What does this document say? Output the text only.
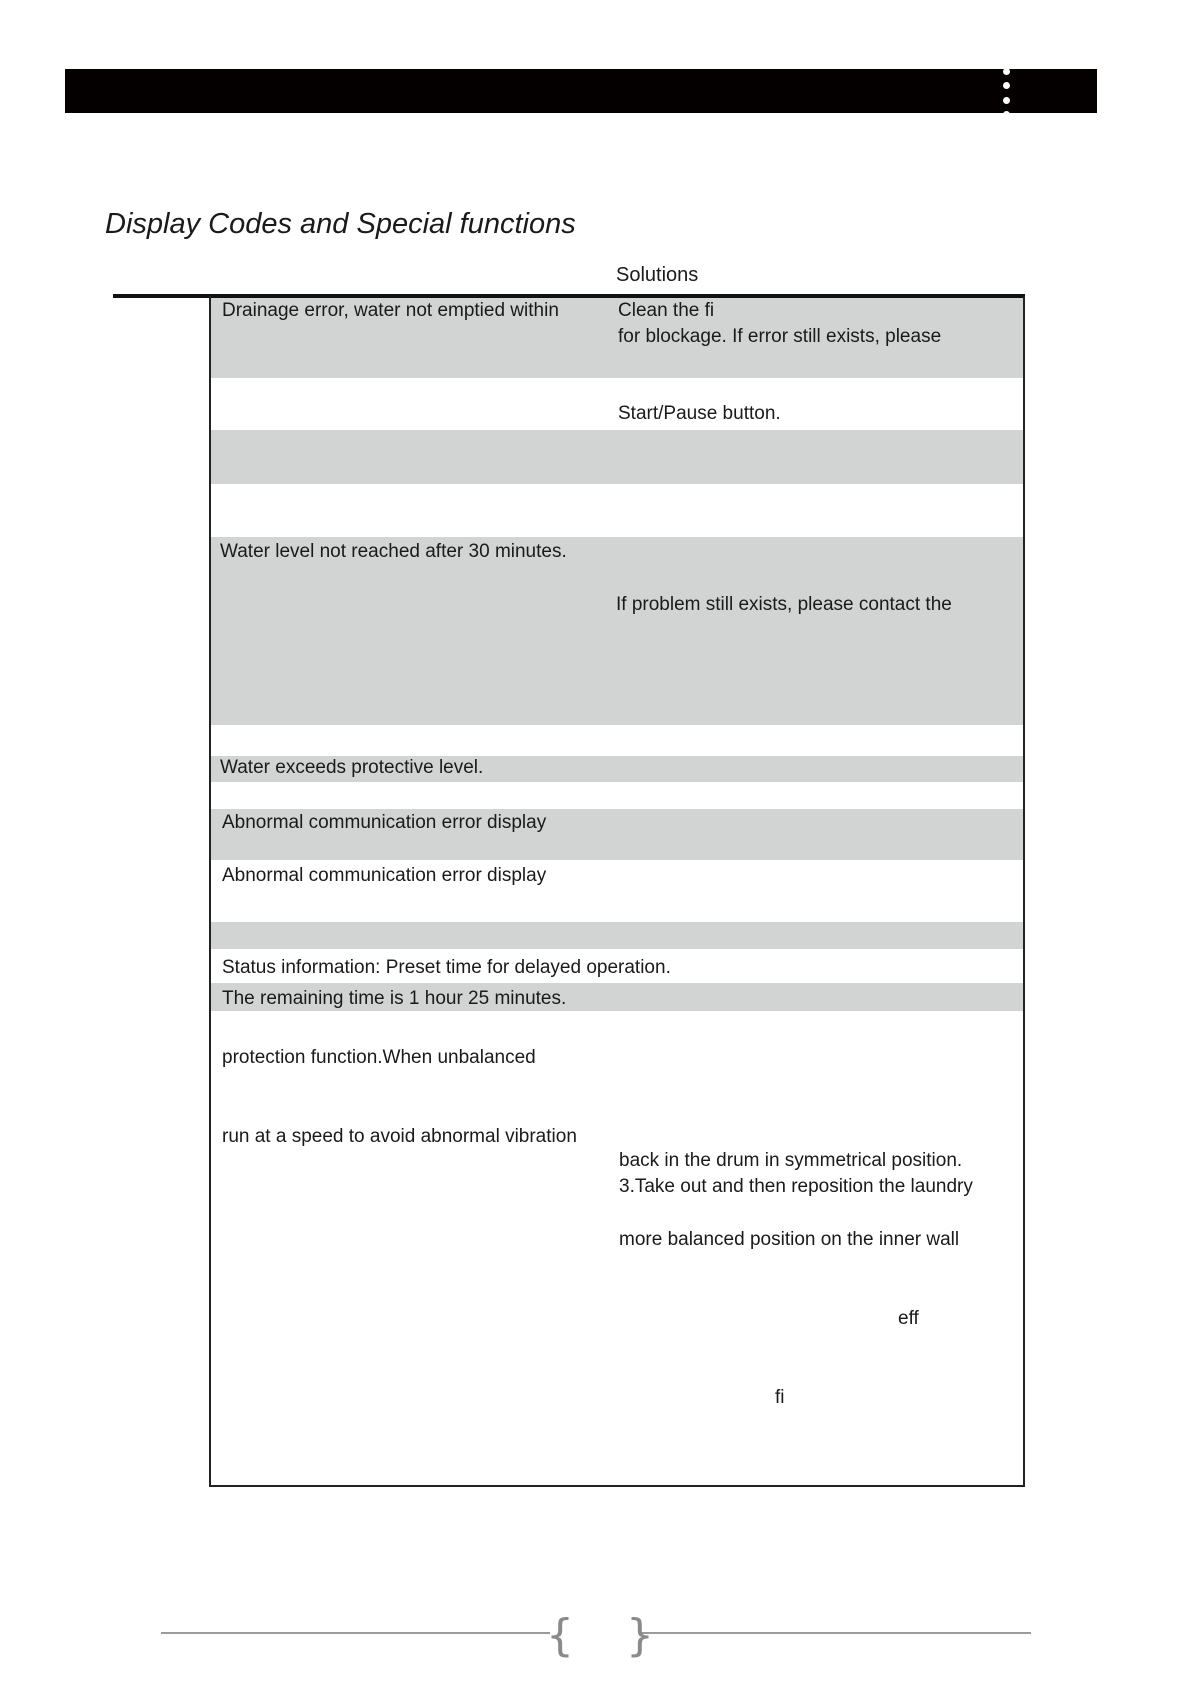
Display Codes and Special functions
Solutions
Drainage error, water not emptied within	Clean the fi
for blockage. If error still exists, please
Start/Pause button.
Water level not reached after 30 minutes.
If problem still exists, please contact the
Water exceeds protective level.
Abnormal communication error display
Abnormal communication error display
Status information: Preset time for delayed operation.
The remaining time is 1 hour 25 minutes.
protection function.When unbalanced
run at a speed to avoid abnormal vibration
back in the drum in symmetrical position.
3.Take out and then reposition the laundry
more balanced position on the inner wall
eff
fi
{ }
